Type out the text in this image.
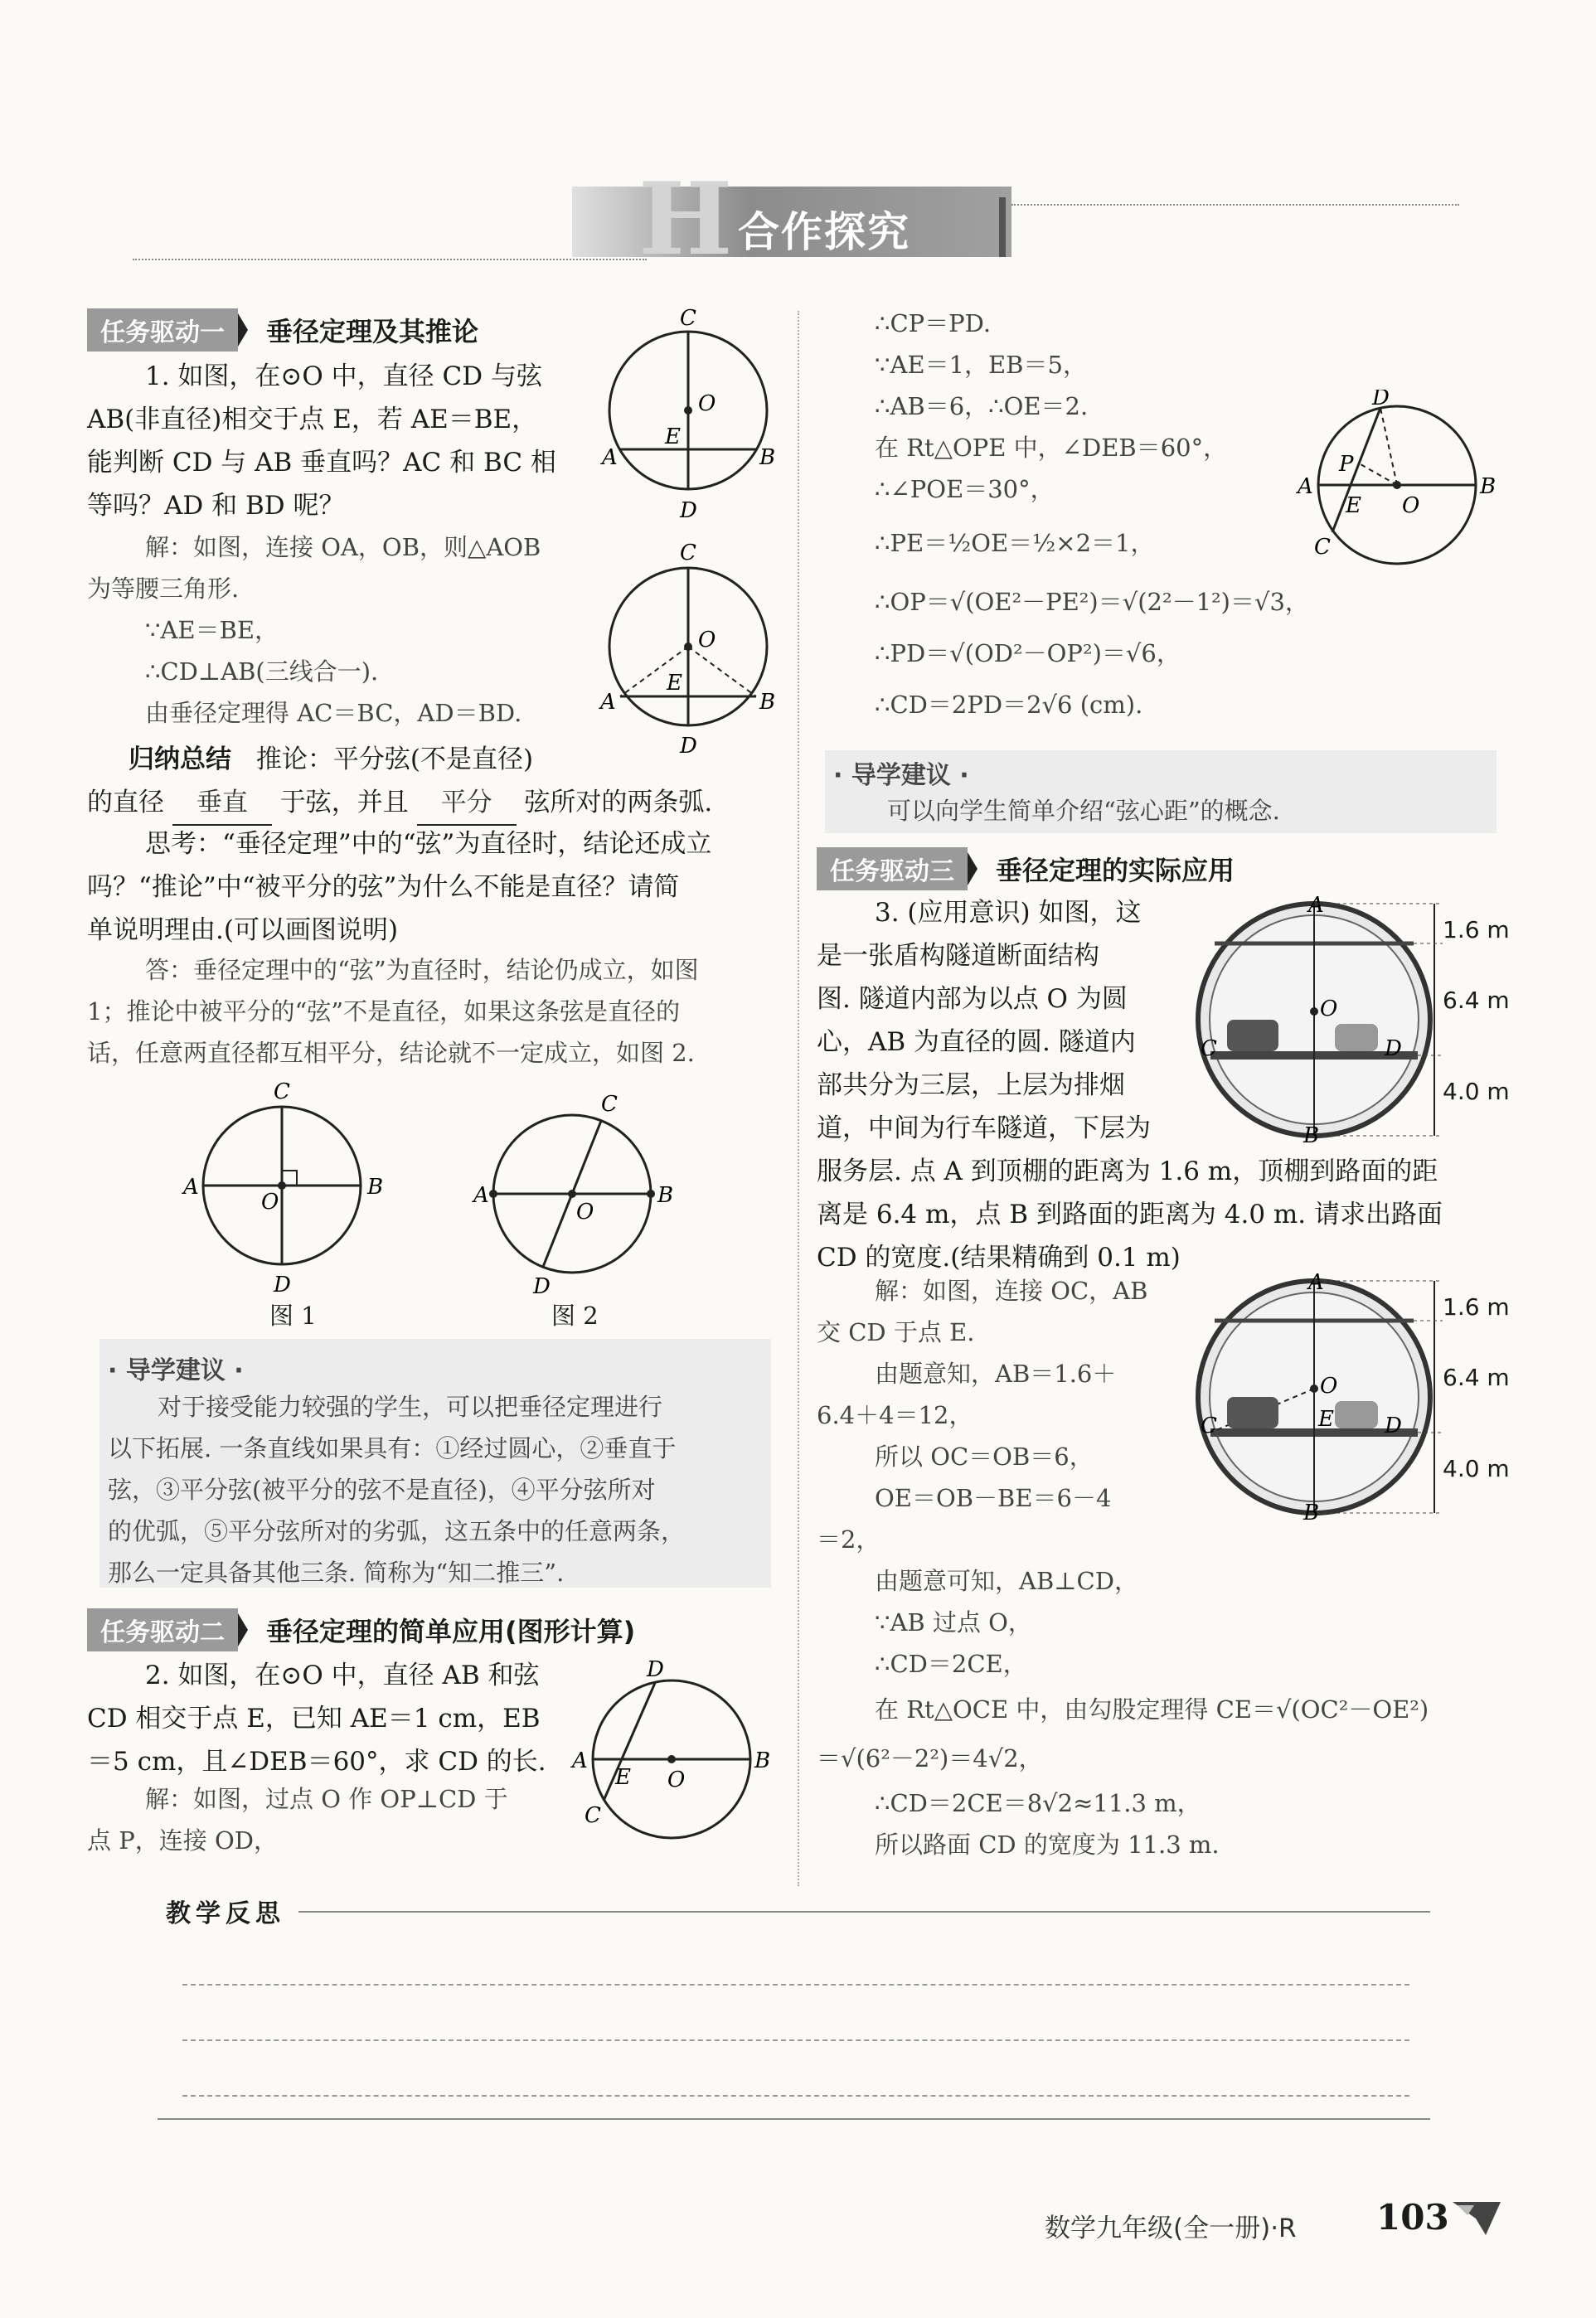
H 合作探究
任务驱动一	垂径定理及其推论
1. 如图，在⊙O 中，直径 CD 与弦
AB(非直径)相交于点 E，若 AE＝BE，
能判断 CD 与 AB 垂直吗？AC 和 BC 相
等吗？AD 和 BD 呢？
解：如图，连接 OA，OB，则△AOB
为等腰三角形.
∵AE＝BE，
∴CD⊥AB(三线合一).
由垂径定理得 AC＝BC，AD＝BD.
C
O
E
A	B
D
C
O
E
A	B
D
归纳总结 推论：平分弦(不是直径)
的直径 垂直 于弦，并且 平分 弦所对的两条弧.
思考：“垂径定理”中的“弦”为直径时，结论还成立
吗？“推论”中“被平分的弦”为什么不能是直径？请简
单说明理由.(可以画图说明)
答：垂径定理中的“弦”为直径时，结论仍成立，如图
1；推论中被平分的“弦”不是直径，如果这条弦是直径的
话，任意两直径都互相平分，结论就不一定成立，如图 2.
C
O
A	B
D
图 1
C
O
A	B
D
图 2
· 导学建议 ·
对于接受能力较强的学生，可以把垂径定理进行
以下拓展. 一条直线如果具有：①经过圆心，②垂直于
弦，③平分弦(被平分的弦不是直径)，④平分弦所对
的优弧，⑤平分弦所对的劣弧，这五条中的任意两条，
那么一定具备其他三条. 简称为“知二推三”.
任务驱动二	垂径定理的简单应用(图形计算)
2. 如图，在⊙O 中，直径 AB 和弦
CD 相交于点 E，已知 AE＝1 cm，EB
＝5 cm，且∠DEB＝60°，求 CD 的长.
解：如图，过点 O 作 OP⊥CD 于
点 P，连接 OD，
D
O
E
A	B
C
∴CP＝PD.
∵AE＝1，EB＝5，
∴AB＝6，∴OE＝2.
在 Rt△OPE 中，∠DEB＝60°，
∴∠POE＝30°，
∴PE＝½OE＝½×2＝1，
∴OP＝√(OE²－PE²)＝√(2²－1²)＝√3，
∴PD＝√(OD²－OP²)＝√6，
∴CD＝2PD＝2√6 (cm).
D
P
O
E
A	B
C
· 导学建议 ·
可以向学生简单介绍“弦心距”的概念.
任务驱动三	垂径定理的实际应用
3. (应用意识) 如图，这
是一张盾构隧道断面结构
图. 隧道内部为以点 O 为圆
心，AB 为直径的圆. 隧道内
部共分为三层，上层为排烟
道，中间为行车隧道，下层为
服务层. 点 A 到顶棚的距离为 1.6 m，顶棚到路面的距
离是 6.4 m，点 B 到路面的距离为 4.0 m. 请求出路面
CD 的宽度.(结果精确到 0.1 m)
A
O
C	D
B
1.6 m
6.4 m
4.0 m
解：如图，连接 OC，AB
交 CD 于点 E.
由题意知，AB＝1.6＋
6.4＋4＝12，
所以 OC＝OB＝6，
OE＝OB－BE＝6－4
＝2，
由题意可知，AB⊥CD，
∵AB 过点 O，
∴CD＝2CE，
在 Rt△OCE 中，由勾股定理得 CE＝√(OC²－OE²)
＝√(6²－2²)＝4√2，
∴CD＝2CE＝8√2≈11.3 m，
所以路面 CD 的宽度为 11.3 m.
A
O
E
C	D
B
1.6 m
6.4 m
4.0 m
教学反思
数学九年级(全一册)·R 103
